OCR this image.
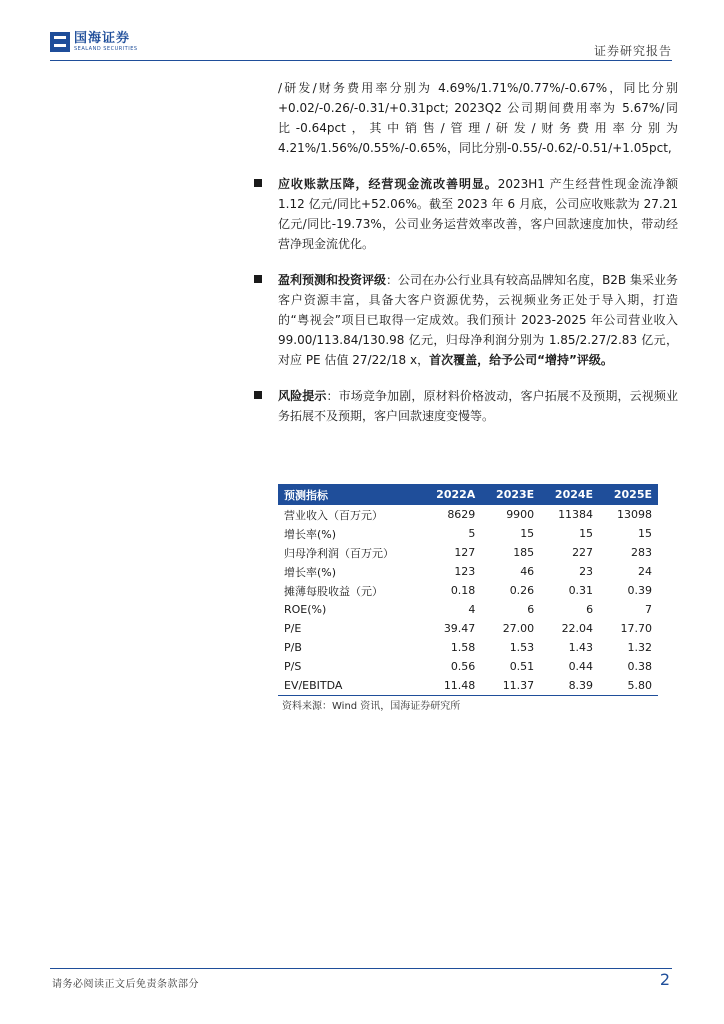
国海证券
SEALAND SECURITIES	证券研究报告
/研发/财务费用率分别为 4.69%/1.71%/0.77%/-0.67%，同比分别+0.02/-0.26/-0.31/+0.31pct; 2023Q2 公司期间费用率为 5.67%/同比-0.64pct，其中销售/管理/研发/财务费用率分别为 4.21%/1.56%/0.55%/-0.65%，同比分别-0.55/-0.62/-0.51/+1.05pct,
应收账款压降，经营现金流改善明显。2023H1 产生经营性现金流净额 1.12 亿元/同比+52.06%。截至 2023 年 6 月底，公司应收账款为 27.21 亿元/同比-19.73%，公司业务运营效率改善，客户回款速度加快，带动经营净现金流优化。
盈利预测和投资评级：公司在办公行业具有较高品牌知名度，B2B 集采业务客户资源丰富，具备大客户资源优势，云视频业务正处于导入期，打造的“粤视会”项目已取得一定成效。我们预计 2023-2025 年公司营业收入 99.00/113.84/130.98 亿元，归母净利润分别为 1.85/2.27/2.83 亿元，对应 PE 估值 27/22/18 x，首次覆盖，给予公司“增持”评级。
风险提示：市场竞争加剧，原材料价格波动，客户拓展不及预期，云视频业务拓展不及预期，客户回款速度变慢等。
预测指标	2022A	2023E	2024E	2025E
营业收入（百万元）	8629	9900	11384	13098
增长率(%)	5	15	15	15
归母净利润（百万元）	127	185	227	283
增长率(%)	123	46	23	24
摊薄每股收益（元）	0.18	0.26	0.31	0.39
ROE(%)	4	6	6	7
P/E	39.47	27.00	22.04	17.70
P/B	1.58	1.53	1.43	1.32
P/S	0.56	0.51	0.44	0.38
EV/EBITDA	11.48	11.37	8.39	5.80
资料来源：Wind 资讯，国海证券研究所
请务必阅读正文后免责条款部分	2
